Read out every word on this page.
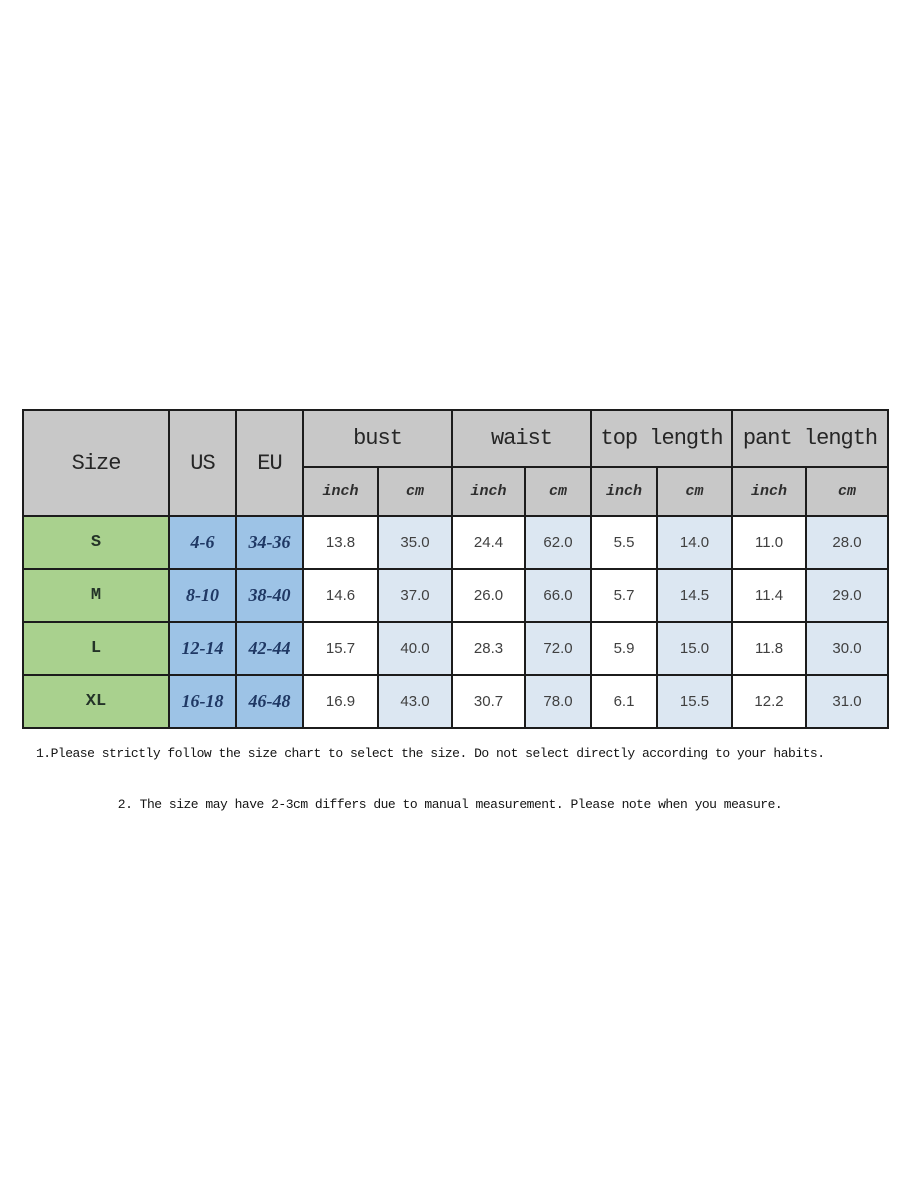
Size	US	EU	bust		waist		top length		pant length	
			inch	cm	inch	cm	inch	cm	inch	cm
S	4-6	34-36	13.8	35.0	24.4	62.0	5.5	14.0	11.0	28.0
M	8-10	38-40	14.6	37.0	26.0	66.0	5.7	14.5	11.4	29.0
L	12-14	42-44	15.7	40.0	28.3	72.0	5.9	15.0	11.8	30.0
XL	16-18	46-48	16.9	43.0	30.7	78.0	6.1	15.5	12.2	31.0
1.Please strictly follow the size chart to select the size. Do not select directly according to your habits.
2. The size may have 2-3cm differs due to manual measurement. Please note when you measure.
